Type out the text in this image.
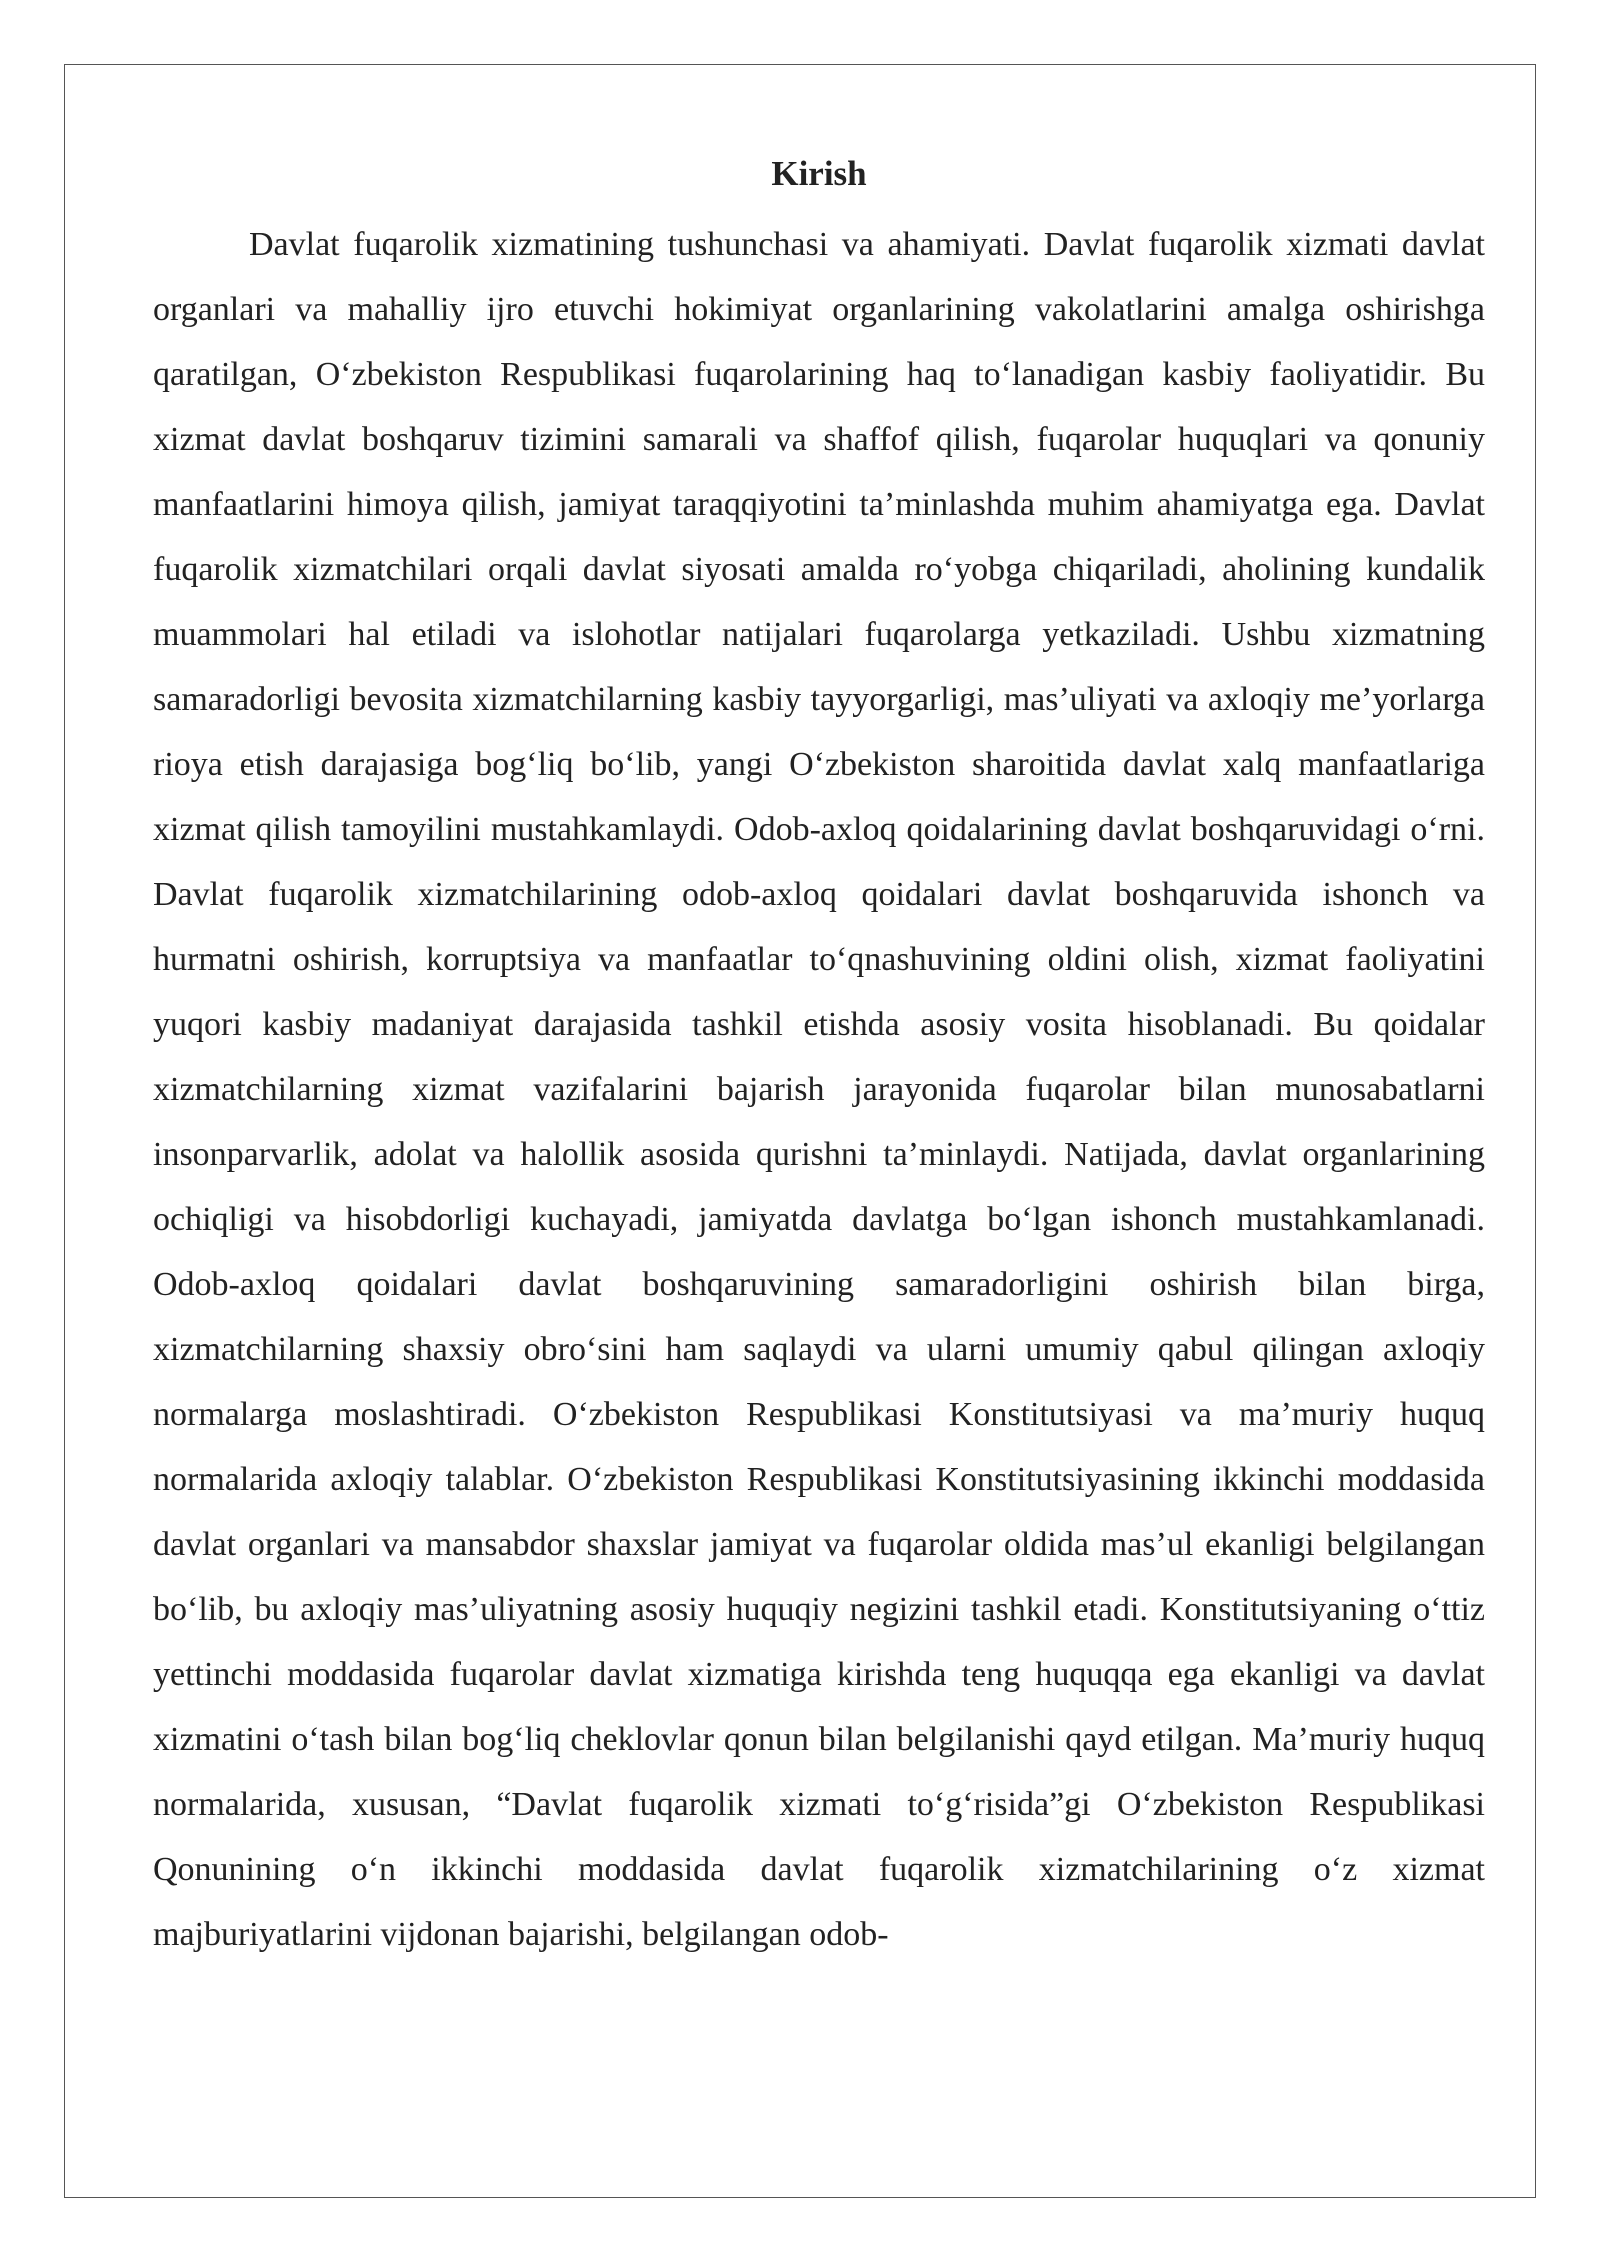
Kirish

Davlat fuqarolik xizmatining tushunchasi va ahamiyati. Davlat fuqarolik xizmati davlat organlari va mahalliy ijro etuvchi hokimiyat organlarining vakolatlarini amalga oshirishga qaratilgan, O‘zbekiston Respublikasi fuqarolarining haq to‘lanadigan kasbiy faoliyatidir. Bu xizmat davlat boshqaruv tizimini samarali va shaffof qilish, fuqarolar huquqlari va qonuniy manfaatlarini himoya qilish, jamiyat taraqqiyotini ta’minlashda muhim ahamiyatga ega. Davlat fuqarolik xizmatchilari orqali davlat siyosati amalda ro‘yobga chiqariladi, aholining kundalik muammolari hal etiladi va islohotlar natijalari fuqarolarga yetkaziladi. Ushbu xizmatning samaradorligi bevosita xizmatchilarning kasbiy tayyorgarligi, mas’uliyati va axloqiy me’yorlarga rioya etish darajasiga bog‘liq bo‘lib, yangi O‘zbekiston sharoitida davlat xalq manfaatlariga xizmat qilish tamoyilini mustahkamlaydi. Odob-axloq qoidalarining davlat boshqaruvidagi o‘rni. Davlat fuqarolik xizmatchilarining odob-axloq qoidalari davlat boshqaruvida ishonch va hurmatni oshirish, korruptsiya va manfaatlar to‘qnashuvining oldini olish, xizmat faoliyatini yuqori kasbiy madaniyat darajasida tashkil etishda asosiy vosita hisoblanadi. Bu qoidalar xizmatchilarning xizmat vazifalarini bajarish jarayonida fuqarolar bilan munosabatlarni insonparvarlik, adolat va halollik asosida qurishni ta’minlaydi. Natijada, davlat organlarining ochiqligi va hisobdorligi kuchayadi, jamiyatda davlatga bo‘lgan ishonch mustahkamlanadi. Odob-axloq qoidalari davlat boshqaruvining samaradorligini oshirish bilan birga, xizmatchilarning shaxsiy obro‘sini ham saqlaydi va ularni umumiy qabul qilingan axloqiy normalarga moslashtiradi. O‘zbekiston Respublikasi Konstitutsiyasi va ma’muriy huquq normalarida axloqiy talablar. O‘zbekiston Respublikasi Konstitutsiyasining ikkinchi moddasida davlat organlari va mansabdor shaxslar jamiyat va fuqarolar oldida mas’ul ekanligi belgilangan bo‘lib, bu axloqiy mas’uliyatning asosiy huquqiy negizini tashkil etadi. Konstitutsiyaning o‘ttiz yettinchi moddasida fuqarolar davlat xizmatiga kirishda teng huquqqa ega ekanligi va davlat xizmatini o‘tash bilan bog‘liq cheklovlar qonun bilan belgilanishi qayd etilgan. Ma’muriy huquq normalarida, xususan, “Davlat fuqarolik xizmati to‘g‘risida”gi O‘zbekiston Respublikasi Qonunining o‘n ikkinchi moddasida davlat fuqarolik xizmatchilarining o‘z xizmat majburiyatlarini vijdonan bajarishi, belgilangan odob-
